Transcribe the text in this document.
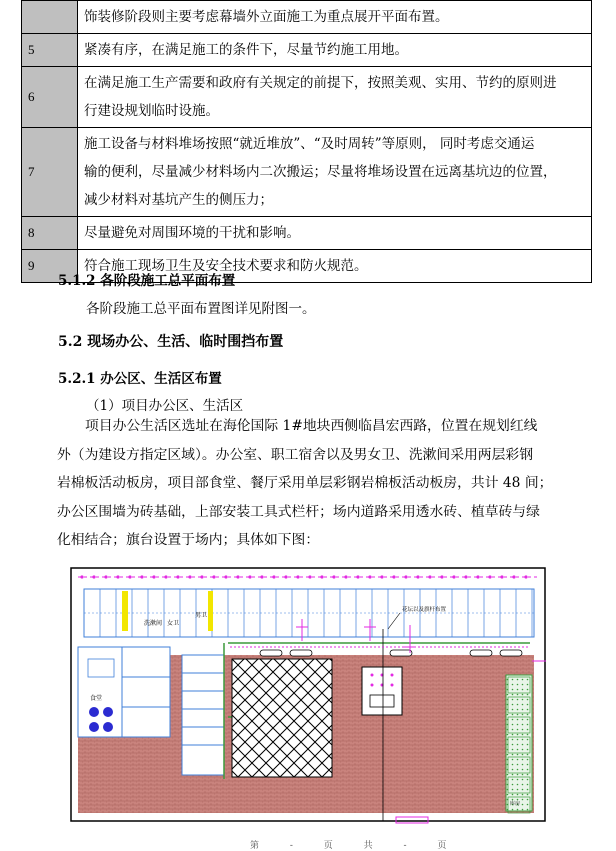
	饰装修阶段则主要考虑幕墙外立面施工为重点展开平面布置。
5	紧凑有序，在满足施工的条件下，尽量节约施工用地。
6	在满足施工生产需要和政府有关规定的前提下，按照美观、实用、节约的原则进
行建设规划临时设施。

7	施工设备与材料堆场按照“就近堆放”、“及时周转”等原则， 同时考虑交通运
输的便利，尽量减少材料场内二次搬运；尽量将堆场设置在远离基坑边的位置，
减少材料对基坑产生的侧压力；

8	尽量避免对周围环境的干扰和影响。
9	符合施工现场卫生及安全技术要求和防火规范。
5.1.2 各阶段施工总平面布置
各阶段施工总平面布置图详见附图一。
5.2 现场办公、生活、临时围挡布置
5.2.1 办公区、生活区布置
（1）项目办公区、生活区
项目办公生活区选址在海伦国际 1#地块西侧临昌宏西路，位置在规划红线
外（为建设方指定区域）。办公室、职工宿舍以及男女卫、洗漱间采用两层彩钢
岩棉板活动板房，项目部食堂、餐厅采用单层彩钢岩棉板活动板房，共计 48 间；
办公区围墙为砖基础，上部安装工具式栏杆；场内道路采用透水砖、植草砖与绿
化相结合；旗台设置于场内；具体如下图：
洗漱间 女卫
男卫
花坛以及旗杆布置
食堂
库房
第 - 页 共 - 页
